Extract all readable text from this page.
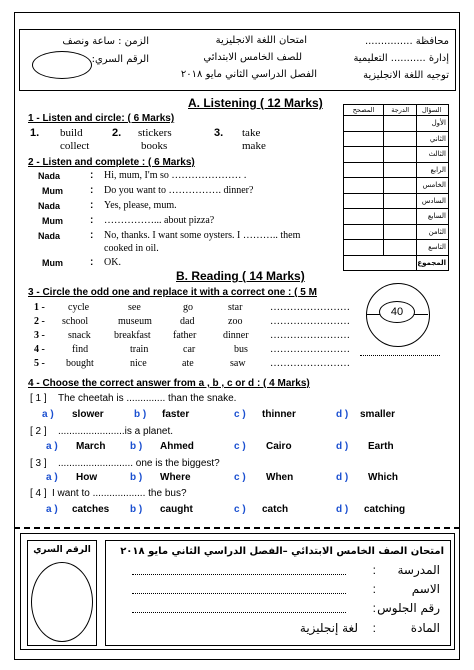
محافظة ...............
إدارة ........... التعليمية
توجيه اللغة الانجليزية
امتحان اللغة الانجليزية
للصف الخامس الابتدائي
الفصل الدراسي الثاني مايو ٢٠١٨
الزمن : ساعة ونصف
الرقم السري:
A. Listening ( 12 Marks)
1 - Listen and circle: ( 6 Marks)
1. build
collect
2. stickers
books
3. take
make
2 - Listen and complete : ( 6 Marks)
Nada	: Hi, mum, I'm so ………………… .
Mum	: Do you want to ……………. dinner?
Nada	: Yes, please, mum.
Mum	: ……………... about pizza?
Nada	: No, thanks. I want some oysters. I ……….. them
cooked in oil.
Mum	: OK.
المصحح	الدرجة	السؤال
		الأول
		الثاني
		الثالث
		الرابع
		الخامس
		السادس
		السابع
		الثامن
		التاسع
		المجموع
40
B. Reading ( 14 Marks)
3 - Circle the odd one and replace it with a correct one : ( 5 M
1 - cycle	see	go	star	……………………
2 - school	museum	dad	zoo	……………………
3 - snack breakfast father	dinner ……………………
4 -	find	train	car	bus ……………………
5 - bought	nice	ate	saw ……………………
4 - Choose the correct answer from a , b , c or d : ( 4 Marks)
[ 1 ] The cheetah is .............. than the snake.
a ) slower	b ) faster	c ) thinner	d ) smaller
[ 2 ] ........................is a planet.
a ) March b ) Ahmed	c ) Cairo	d ) Earth
[ 3 ] ........................... one is the biggest?
a ) How	b ) Where	c ) When	d ) Which
[ 4 ] I want to ................... the bus?
a ) catches b ) caught	c ) catch	d ) catching
الرقم السري	امتحان الصف الخامس الابتدائي –الفصل الدراسي الثاني مايو ٢٠١٨
المدرسة
:
الاسم
:
رقم الجلوس
:
المادة
:
لغة إنجليزية
